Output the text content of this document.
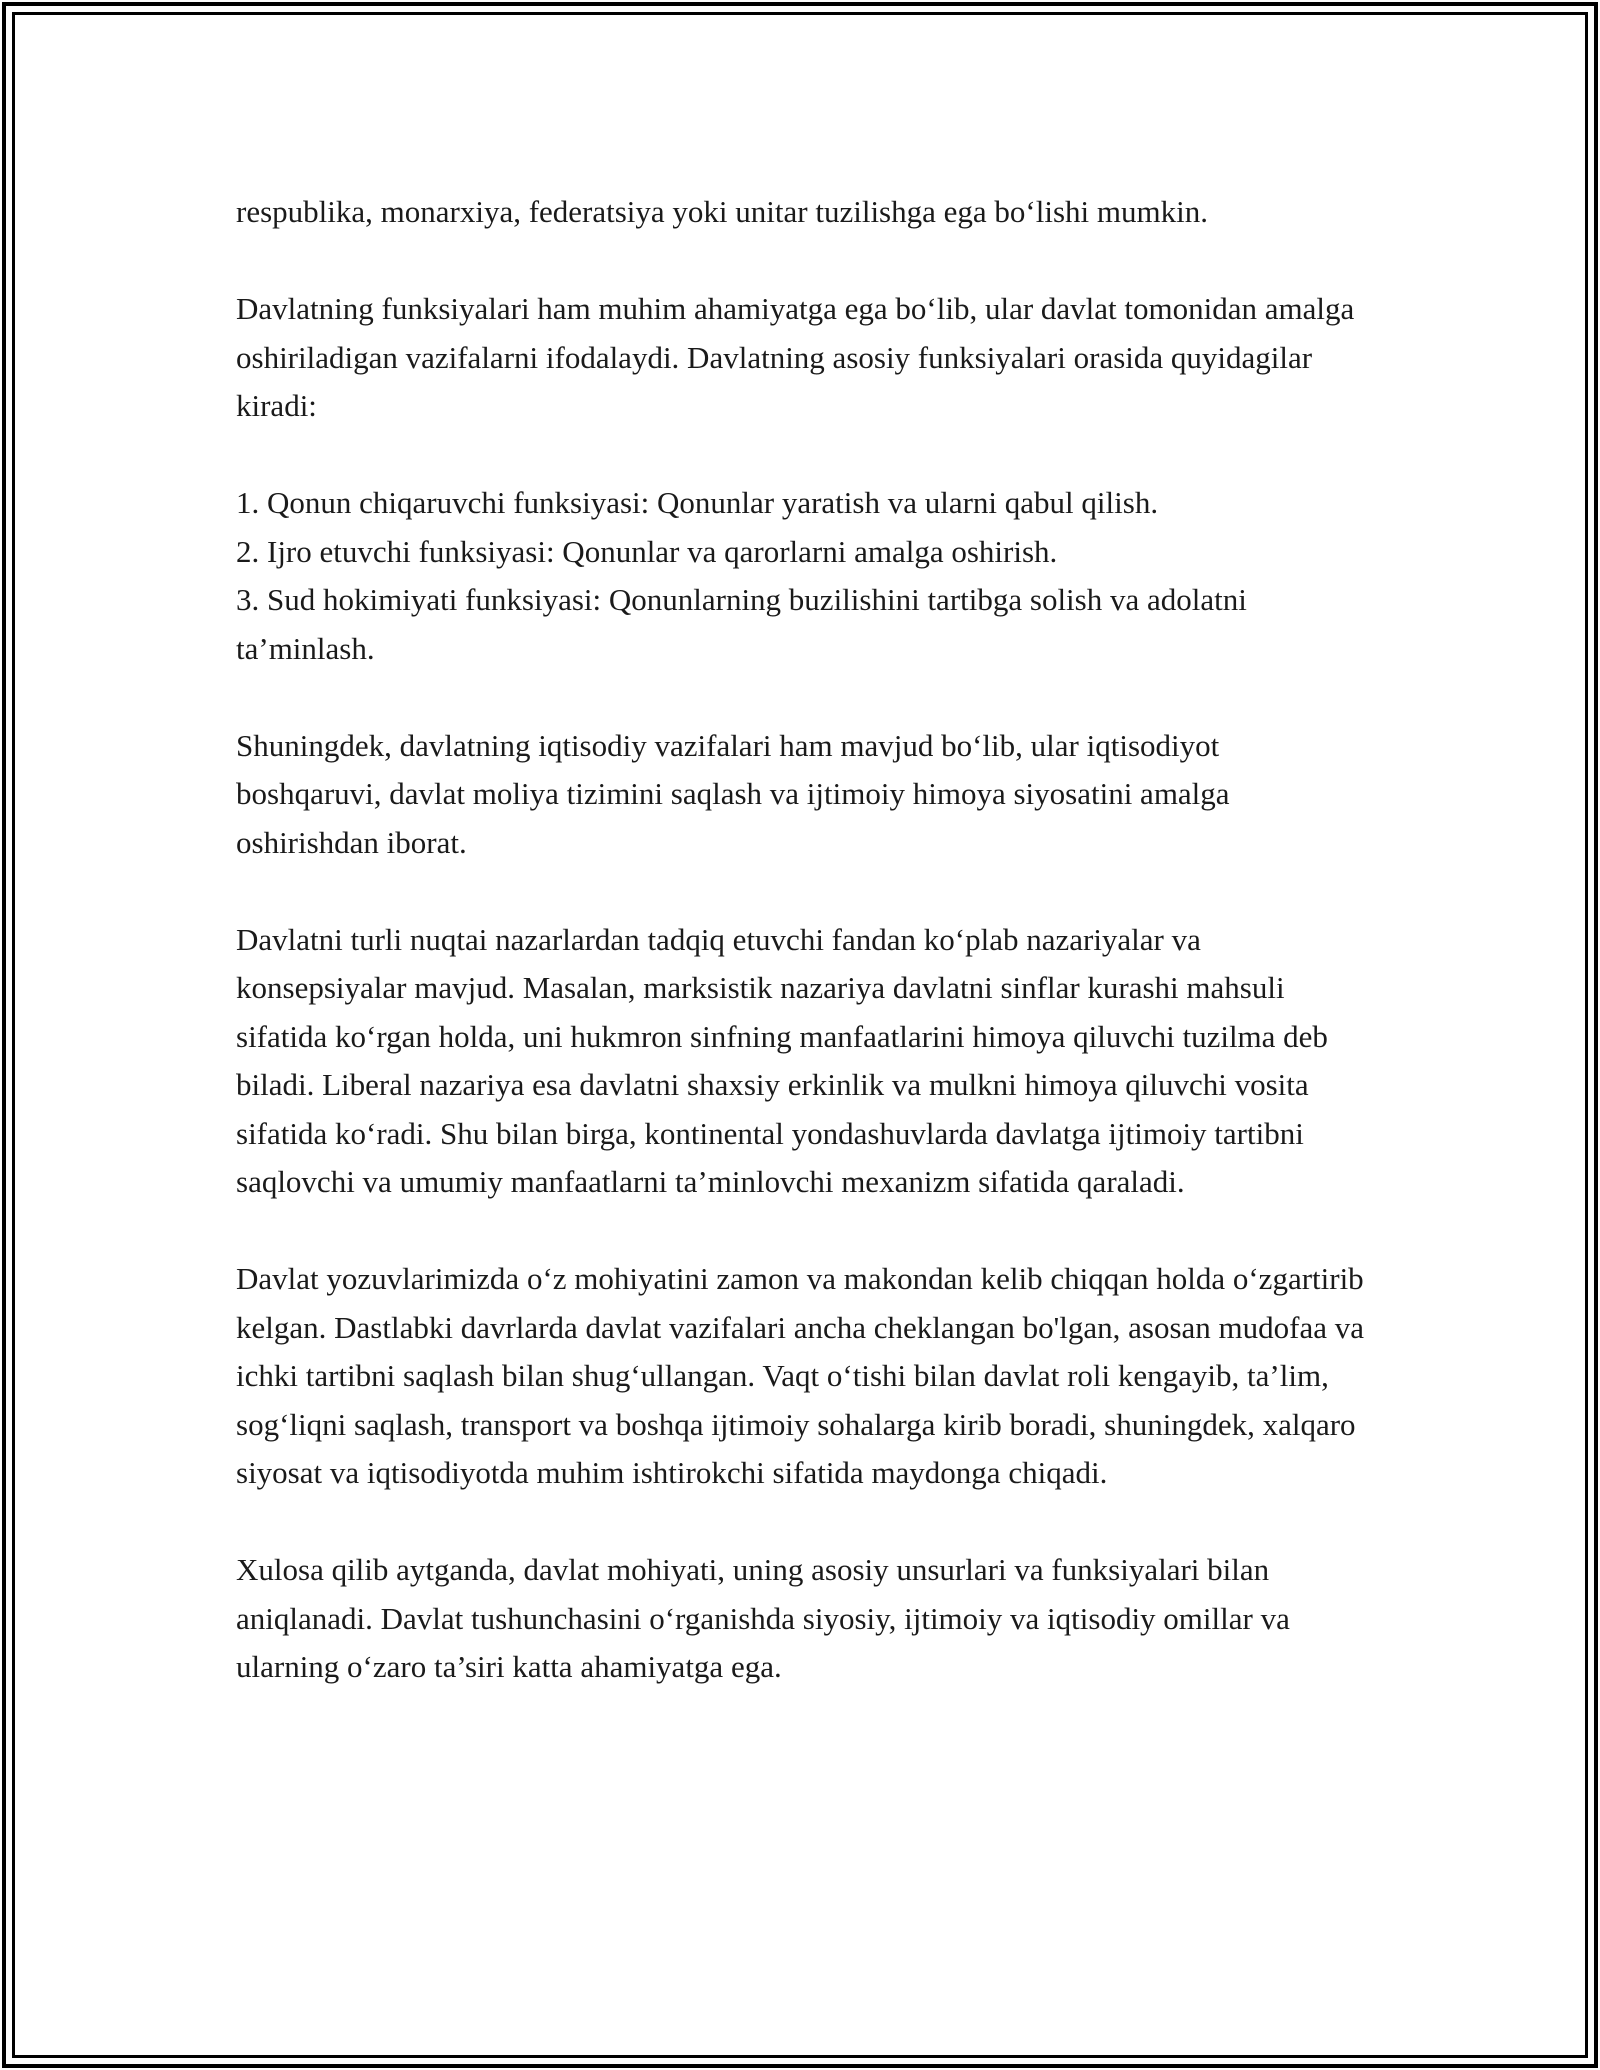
respublika, monarxiya, federatsiya yoki unitar tuzilishga ega bo‘lishi mumkin.

Davlatning funksiyalari ham muhim ahamiyatga ega bo‘lib, ular davlat tomonidan amalga oshiriladigan vazifalarni ifodalaydi. Davlatning asosiy funksiyalari orasida quyidagilar kiradi:

1. Qonun chiqaruvchi funksiyasi: Qonunlar yaratish va ularni qabul qilish.
2. Ijro etuvchi funksiyasi: Qonunlar va qarorlarni amalga oshirish.
3. Sud hokimiyati funksiyasi: Qonunlarning buzilishini tartibga solish va adolatni ta’minlash.

Shuningdek, davlatning iqtisodiy vazifalari ham mavjud bo‘lib, ular iqtisodiyot boshqaruvi, davlat moliya tizimini saqlash va ijtimoiy himoya siyosatini amalga oshirishdan iborat.

Davlatni turli nuqtai nazarlardan tadqiq etuvchi fandan ko‘plab nazariyalar va konsepsiyalar mavjud. Masalan, marksistik nazariya davlatni sinflar kurashi mahsuli sifatida ko‘rgan holda, uni hukmron sinfning manfaatlarini himoya qiluvchi tuzilma deb biladi. Liberal nazariya esa davlatni shaxsiy erkinlik va mulkni himoya qiluvchi vosita sifatida ko‘radi. Shu bilan birga, kontinental yondashuvlarda davlatga ijtimoiy tartibni saqlovchi va umumiy manfaatlarni ta’minlovchi mexanizm sifatida qaraladi.

Davlat yozuvlarimizda o‘z mohiyatini zamon va makondan kelib chiqqan holda o‘zgartirib kelgan. Dastlabki davrlarda davlat vazifalari ancha cheklangan bo'lgan, asosan mudofaa va ichki tartibni saqlash bilan shug‘ullangan. Vaqt o‘tishi bilan davlat roli kengayib, ta’lim, sog‘liqni saqlash, transport va boshqa ijtimoiy sohalarga kirib boradi, shuningdek, xalqaro siyosat va iqtisodiyotda muhim ishtirokchi sifatida maydonga chiqadi.

Xulosa qilib aytganda, davlat mohiyati, uning asosiy unsurlari va funksiyalari bilan aniqlanadi. Davlat tushunchasini o‘rganishda siyosiy, ijtimoiy va iqtisodiy omillar va ularning o‘zaro ta’siri katta ahamiyatga ega.
